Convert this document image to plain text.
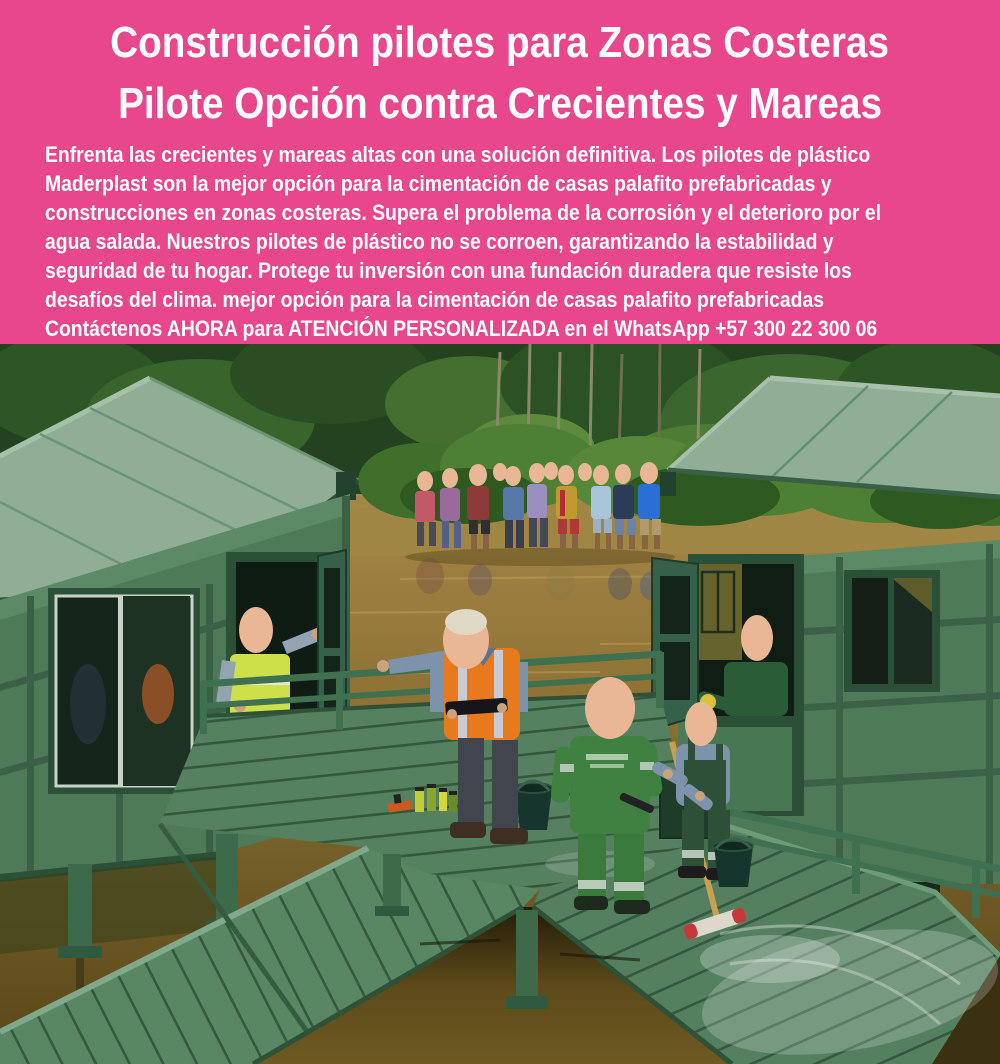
Construcción pilotes para Zonas Costeras
Pilote Opción contra Crecientes y Mareas
Enfrenta las crecientes y mareas altas con una solución definitiva. Los pilotes de plástico
Maderplast son la mejor opción para la cimentación de casas palafito prefabricadas y
construcciones en zonas costeras. Supera el problema de la corrosión y el deterioro por el
agua salada. Nuestros pilotes de plástico no se corroen, garantizando la estabilidad y
seguridad de tu hogar. Protege tu inversión con una fundación duradera que resiste los
desafíos del clima. mejor opción para la cimentación de casas palafito prefabricadas
Contáctenos AHORA para ATENCIÓN PERSONALIZADA en el WhatsApp +57 300 22 300 06
